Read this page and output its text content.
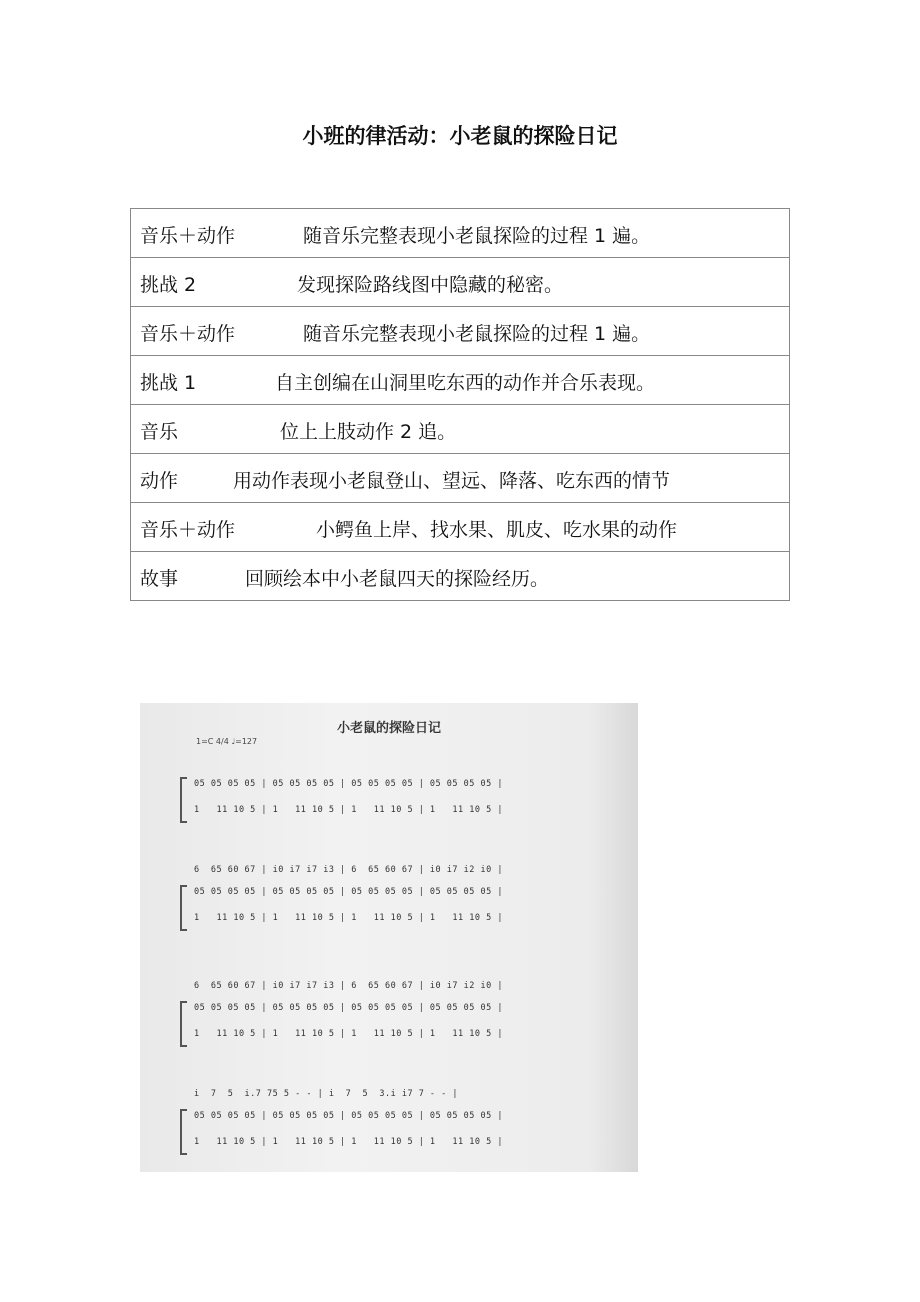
小班的律活动：小老鼠的探险日记
音乐＋动作	随音乐完整表现小老鼠探险的过程 1 遍。
挑战 2	发现探险路线图中隐藏的秘密。
音乐＋动作	随音乐完整表现小老鼠探险的过程 1 遍。
挑战 1	自主创编在山洞里吃东西的动作并合乐表现。
音乐	位上上肢动作 2 追。
动作	用动作表现小老鼠登山、望远、降落、吃东西的情节
音乐＋动作	小鳄鱼上岸、找水果、肌皮、吃水果的动作
故事	回顾绘本中小老鼠四天的探险经历。
小老鼠的探险日记
1=C 4/4 ♩=127
05 05 05 05 | 05 05 05 05 | 05 05 05 05 | 05 05 05 05 |
1   11 10 5 | 1   11 10 5 | 1   11 10 5 | 1   11 10 5 |
6  65 60 67 | i0 i7 i7 i3 | 6  65 60 67 | i0 i7 i2 i0 |
05 05 05 05 | 05 05 05 05 | 05 05 05 05 | 05 05 05 05 |
1   11 10 5 | 1   11 10 5 | 1   11 10 5 | 1   11 10 5 |
6  65 60 67 | i0 i7 i7 i3 | 6  65 60 67 | i0 i7 i2 i0 |
05 05 05 05 | 05 05 05 05 | 05 05 05 05 | 05 05 05 05 |
1   11 10 5 | 1   11 10 5 | 1   11 10 5 | 1   11 10 5 |
i  7  5  i.7 75 5 - - | i  7  5  3.i i7 7 - - |
05 05 05 05 | 05 05 05 05 | 05 05 05 05 | 05 05 05 05 |
1   11 10 5 | 1   11 10 5 | 1   11 10 5 | 1   11 10 5 |
